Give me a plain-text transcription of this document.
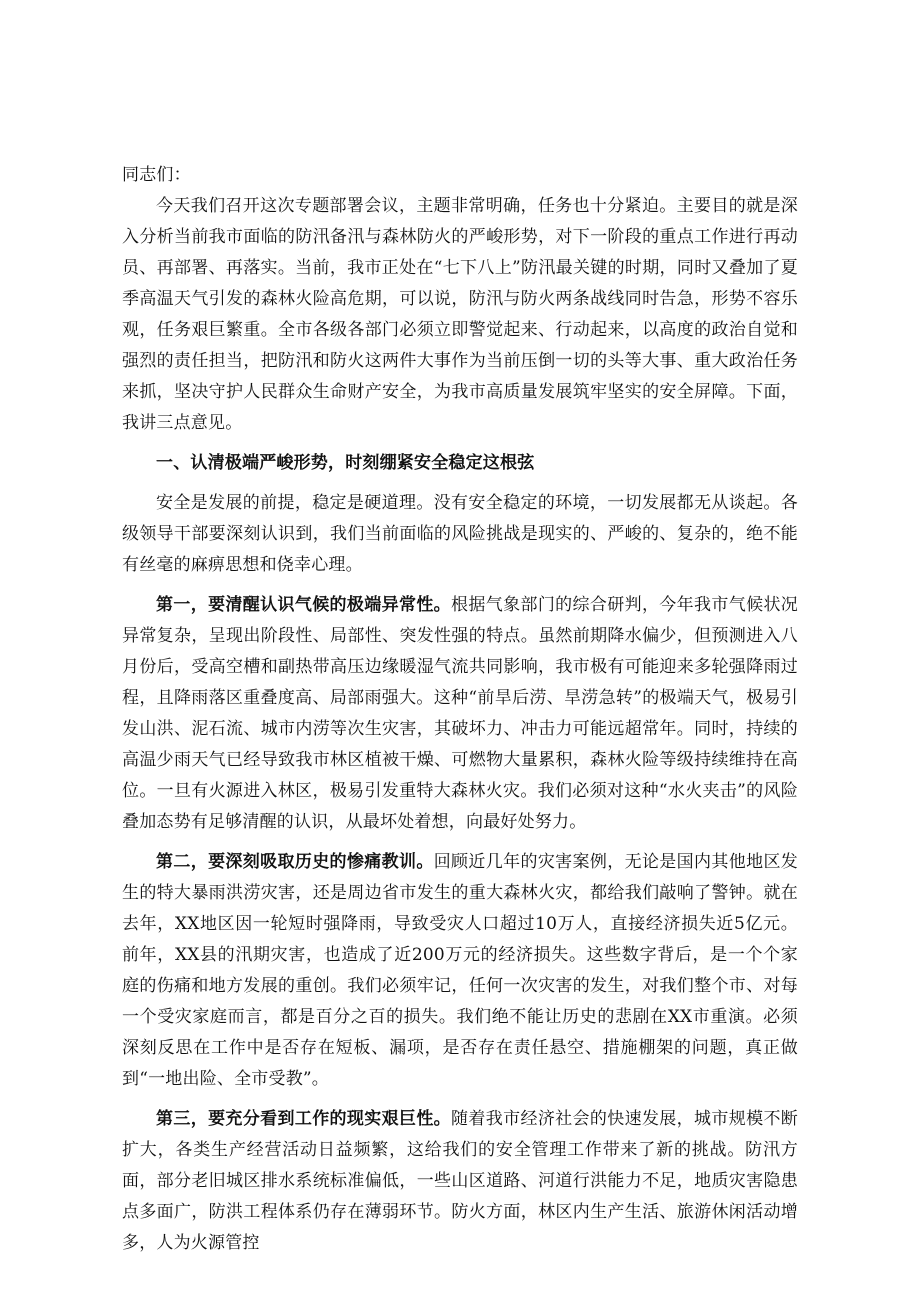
同志们：

今天我们召开这次专题部署会议，主题非常明确，任务也十分紧迫。主要目的就是深入分析当前我市面临的防汛备汛与森林防火的严峻形势，对下一阶段的重点工作进行再动员、再部署、再落实。当前，我市正处在“七下八上”防汛最关键的时期，同时又叠加了夏季高温天气引发的森林火险高危期，可以说，防汛与防火两条战线同时告急，形势不容乐观，任务艰巨繁重。全市各级各部门必须立即警觉起来、行动起来，以高度的政治自觉和强烈的责任担当，把防汛和防火这两件大事作为当前压倒一切的头等大事、重大政治任务来抓，坚决守护人民群众生命财产安全，为我市高质量发展筑牢坚实的安全屏障。下面，我讲三点意见。

一、认清极端严峻形势，时刻绷紧安全稳定这根弦

安全是发展的前提，稳定是硬道理。没有安全稳定的环境，一切发展都无从谈起。各级领导干部要深刻认识到，我们当前面临的风险挑战是现实的、严峻的、复杂的，绝不能有丝毫的麻痹思想和侥幸心理。

第一，要清醒认识气候的极端异常性。根据气象部门的综合研判，今年我市气候状况异常复杂，呈现出阶段性、局部性、突发性强的特点。虽然前期降水偏少，但预测进入八月份后，受高空槽和副热带高压边缘暖湿气流共同影响，我市极有可能迎来多轮强降雨过程，且降雨落区重叠度高、局部雨强大。这种“前旱后涝、旱涝急转”的极端天气，极易引发山洪、泥石流、城市内涝等次生灾害，其破坏力、冲击力可能远超常年。同时，持续的高温少雨天气已经导致我市林区植被干燥、可燃物大量累积，森林火险等级持续维持在高位。一旦有火源进入林区，极易引发重特大森林火灾。我们必须对这种“水火夹击”的风险叠加态势有足够清醒的认识，从最坏处着想，向最好处努力。

第二，要深刻吸取历史的惨痛教训。回顾近几年的灾害案例，无论是国内其他地区发生的特大暴雨洪涝灾害，还是周边省市发生的重大森林火灾，都给我们敲响了警钟。就在去年，XX地区因一轮短时强降雨，导致受灾人口超过10万人，直接经济损失近5亿元。前年，XX县的汛期灾害，也造成了近200万元的经济损失。这些数字背后，是一个个家庭的伤痛和地方发展的重创。我们必须牢记，任何一次灾害的发生，对我们整个市、对每一个受灾家庭而言，都是百分之百的损失。我们绝不能让历史的悲剧在XX市重演。必须深刻反思在工作中是否存在短板、漏项，是否存在责任悬空、措施棚架的问题，真正做到“一地出险、全市受教”。

第三，要充分看到工作的现实艰巨性。随着我市经济社会的快速发展，城市规模不断扩大，各类生产经营活动日益频繁，这给我们的安全管理工作带来了新的挑战。防汛方面，部分老旧城区排水系统标准偏低，一些山区道路、河道行洪能力不足，地质灾害隐患点多面广，防洪工程体系仍存在薄弱环节。防火方面，林区内生产生活、旅游休闲活动增多，人为火源管控
